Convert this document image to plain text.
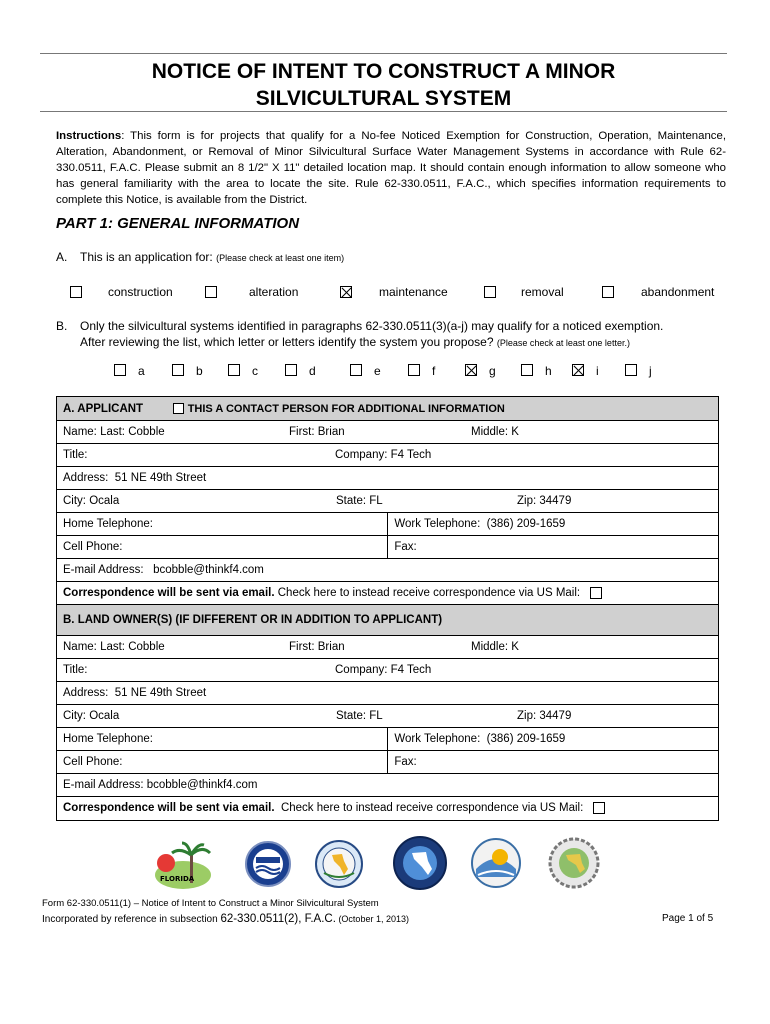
NOTICE OF INTENT TO CONSTRUCT A MINOR
SILVICULTURAL SYSTEM
Instructions: This form is for projects that qualify for a No-fee Noticed Exemption for Construction, Operation, Maintenance, Alteration, Abandonment, or Removal of Minor Silvicultural Surface Water Management Systems in accordance with Rule 62-330.0511, F.A.C. Please submit an 8 1/2" X 11" detailed location map. It should contain enough information to allow someone who has general familiarity with the area to locate the site. Rule 62-330.0511, F.A.C., which specifies information requirements to complete this Notice, is available from the District.
PART 1: GENERAL INFORMATION
A. This is an application for: (Please check at least one item)
construction	alteration	maintenance	removal	abandonment
B. Only the silvicultural systems identified in paragraphs 62-330.0511(3)(a-j) may qualify for a noticed exemption.
After reviewing the list, which letter or letters identify the system you propose? (Please check at least one letter.)
a	b	c	d	e	f	g	h	i	j
A. APPLICANT THIS A CONTACT PERSON FOR ADDITIONAL INFORMATION	

Name: Last: Cobble First: Brian Middle: K	

Title: Company: F4 Tech	

Address: 51 NE 49th Street	

City: Ocala State: FL Zip: 34479	

Home Telephone:	Work Telephone: (386) 209-1659
Cell Phone:	Fax:
E-mail Address: bcobble@thinkf4.com	
Correspondence will be sent via email. Check here to instead receive correspondence via US Mail:	
B. LAND OWNER(S) (IF DIFFERENT OR IN ADDITION TO APPLICANT)	

Name: Last: Cobble First: Brian Middle: K	

Title: Company: F4 Tech	

Address: 51 NE 49th Street	

City: Ocala State: FL Zip: 34479	

Home Telephone:	Work Telephone: (386) 209-1659
Cell Phone:	Fax:
E-mail Address: bcobble@thinkf4.com	
Correspondence will be sent via email. Check here to instead receive correspondence via US Mail:	
FLORIDA
Form 62-330.0511(1) – Notice of Intent to Construct a Minor Silvicultural System
Incorporated by reference in subsection 62-330.0511(2), F.A.C. (October 1, 2013)	Page 1 of 5
